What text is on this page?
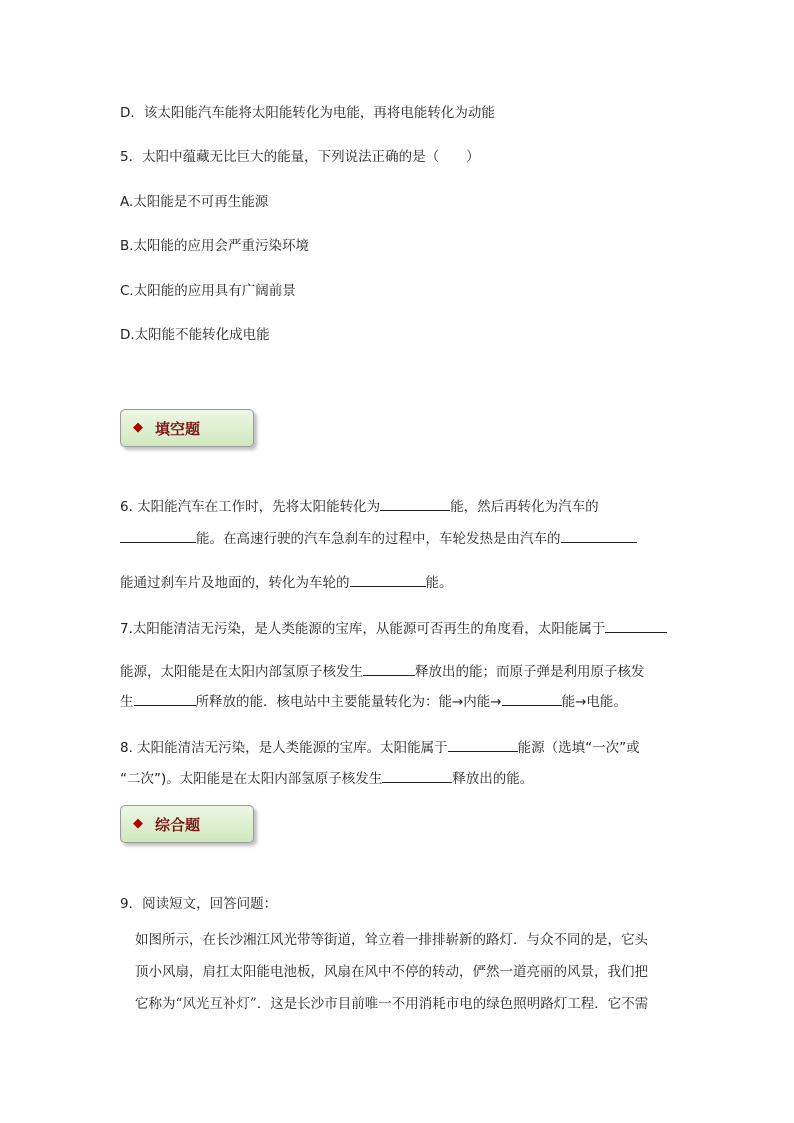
D．该太阳能汽车能将太阳能转化为电能，再将电能转化为动能
5．太阳中蕴藏无比巨大的能量，下列说法正确的是（　　）
A.太阳能是不可再生能源
B.太阳能的应用会严重污染环境
C.太阳能的应用具有广阔前景
D.太阳能不能转化成电能
◆ 填空题
6. 太阳能汽车在工作时，先将太阳能转化为	能，然后再转化为汽车的
能。在高速行驶的汽车急刹车的过程中，车轮发热是由汽车的
能通过刹车片及地面的，转化为车轮的	能。
7.太阳能清洁无污染，是人类能源的宝库，从能源可否再生的角度看，太阳能属于
能源，太阳能是在太阳内部氢原子核发生	释放出的能；而原子弹是利用原子核发
生	所释放的能．核电站中主要能量转化为：能→内能→	能→电能。
8. 太阳能清洁无污染，是人类能源的宝库。太阳能属于	能源（选填“一次”或
“二次”)。太阳能是在太阳内部氢原子核发生	释放出的能。
◆ 综合题
9．阅读短文，回答问题：
如图所示，在长沙湘江风光带等街道，耸立着一排排崭新的路灯．与众不同的是，它头
顶小风扇，肩扛太阳能电池板，风扇在风中不停的转动，俨然一道亮丽的风景，我们把
它称为“风光互补灯”．这是长沙市目前唯一不用消耗市电的绿色照明路灯工程．它不需
